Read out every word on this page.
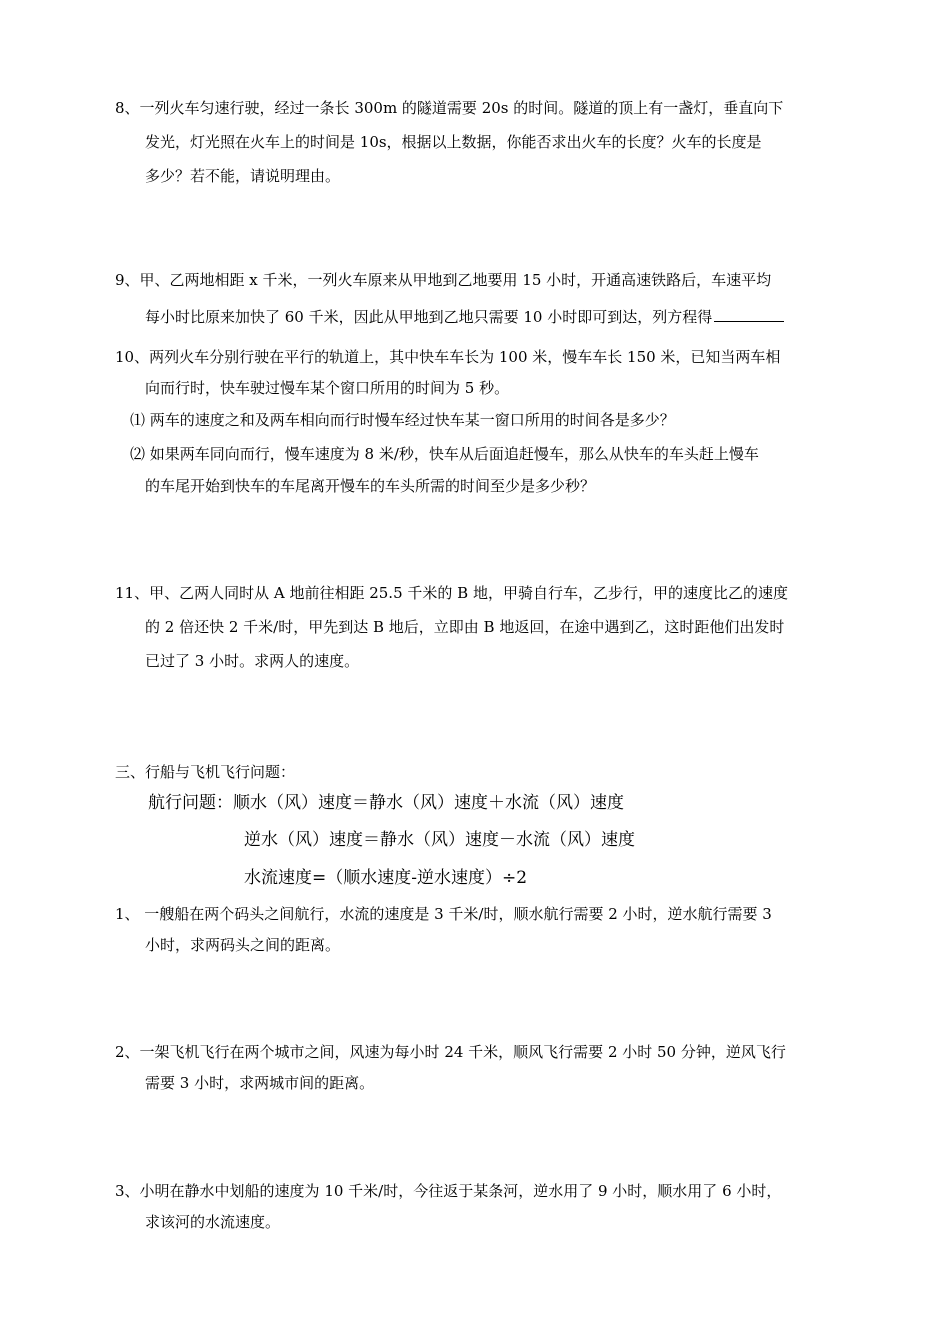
8、一列火车匀速行驶，经过一条长 300m 的隧道需要 20s 的时间。隧道的顶上有一盏灯，垂直向下
发光，灯光照在火车上的时间是 10s，根据以上数据，你能否求出火车的长度？火车的长度是
多少？若不能，请说明理由。
9、甲、乙两地相距 x 千米，一列火车原来从甲地到乙地要用 15 小时，开通高速铁路后，车速平均
每小时比原来加快了 60 千米，因此从甲地到乙地只需要 10 小时即可到达，列方程得
10、两列火车分别行驶在平行的轨道上，其中快车车长为 100 米，慢车车长 150 米，已知当两车相
向而行时，快车驶过慢车某个窗口所用的时间为 5 秒。
⑴ 两车的速度之和及两车相向而行时慢车经过快车某一窗口所用的时间各是多少？
⑵ 如果两车同向而行，慢车速度为 8 米/秒，快车从后面追赶慢车，那么从快车的车头赶上慢车
的车尾开始到快车的车尾离开慢车的车头所需的时间至少是多少秒？
11、甲、乙两人同时从 A 地前往相距 25.5 千米的 B 地，甲骑自行车，乙步行，甲的速度比乙的速度
的 2 倍还快 2 千米/时，甲先到达 B 地后，立即由 B 地返回，在途中遇到乙，这时距他们出发时
已过了 3 小时。求两人的速度。
三、行船与飞机飞行问题：
航行问题：顺水（风）速度＝静水（风）速度＋水流（风）速度
逆水（风）速度＝静水（风）速度－水流（风）速度
水流速度=（顺水速度-逆水速度）÷2
1、 一艘船在两个码头之间航行，水流的速度是 3 千米/时，顺水航行需要 2 小时，逆水航行需要 3
小时，求两码头之间的距离。
2、一架飞机飞行在两个城市之间，风速为每小时 24 千米，顺风飞行需要 2 小时 50 分钟，逆风飞行
需要 3 小时，求两城市间的距离。
3、小明在静水中划船的速度为 10 千米/时，今往返于某条河，逆水用了 9 小时，顺水用了 6 小时，
求该河的水流速度。
